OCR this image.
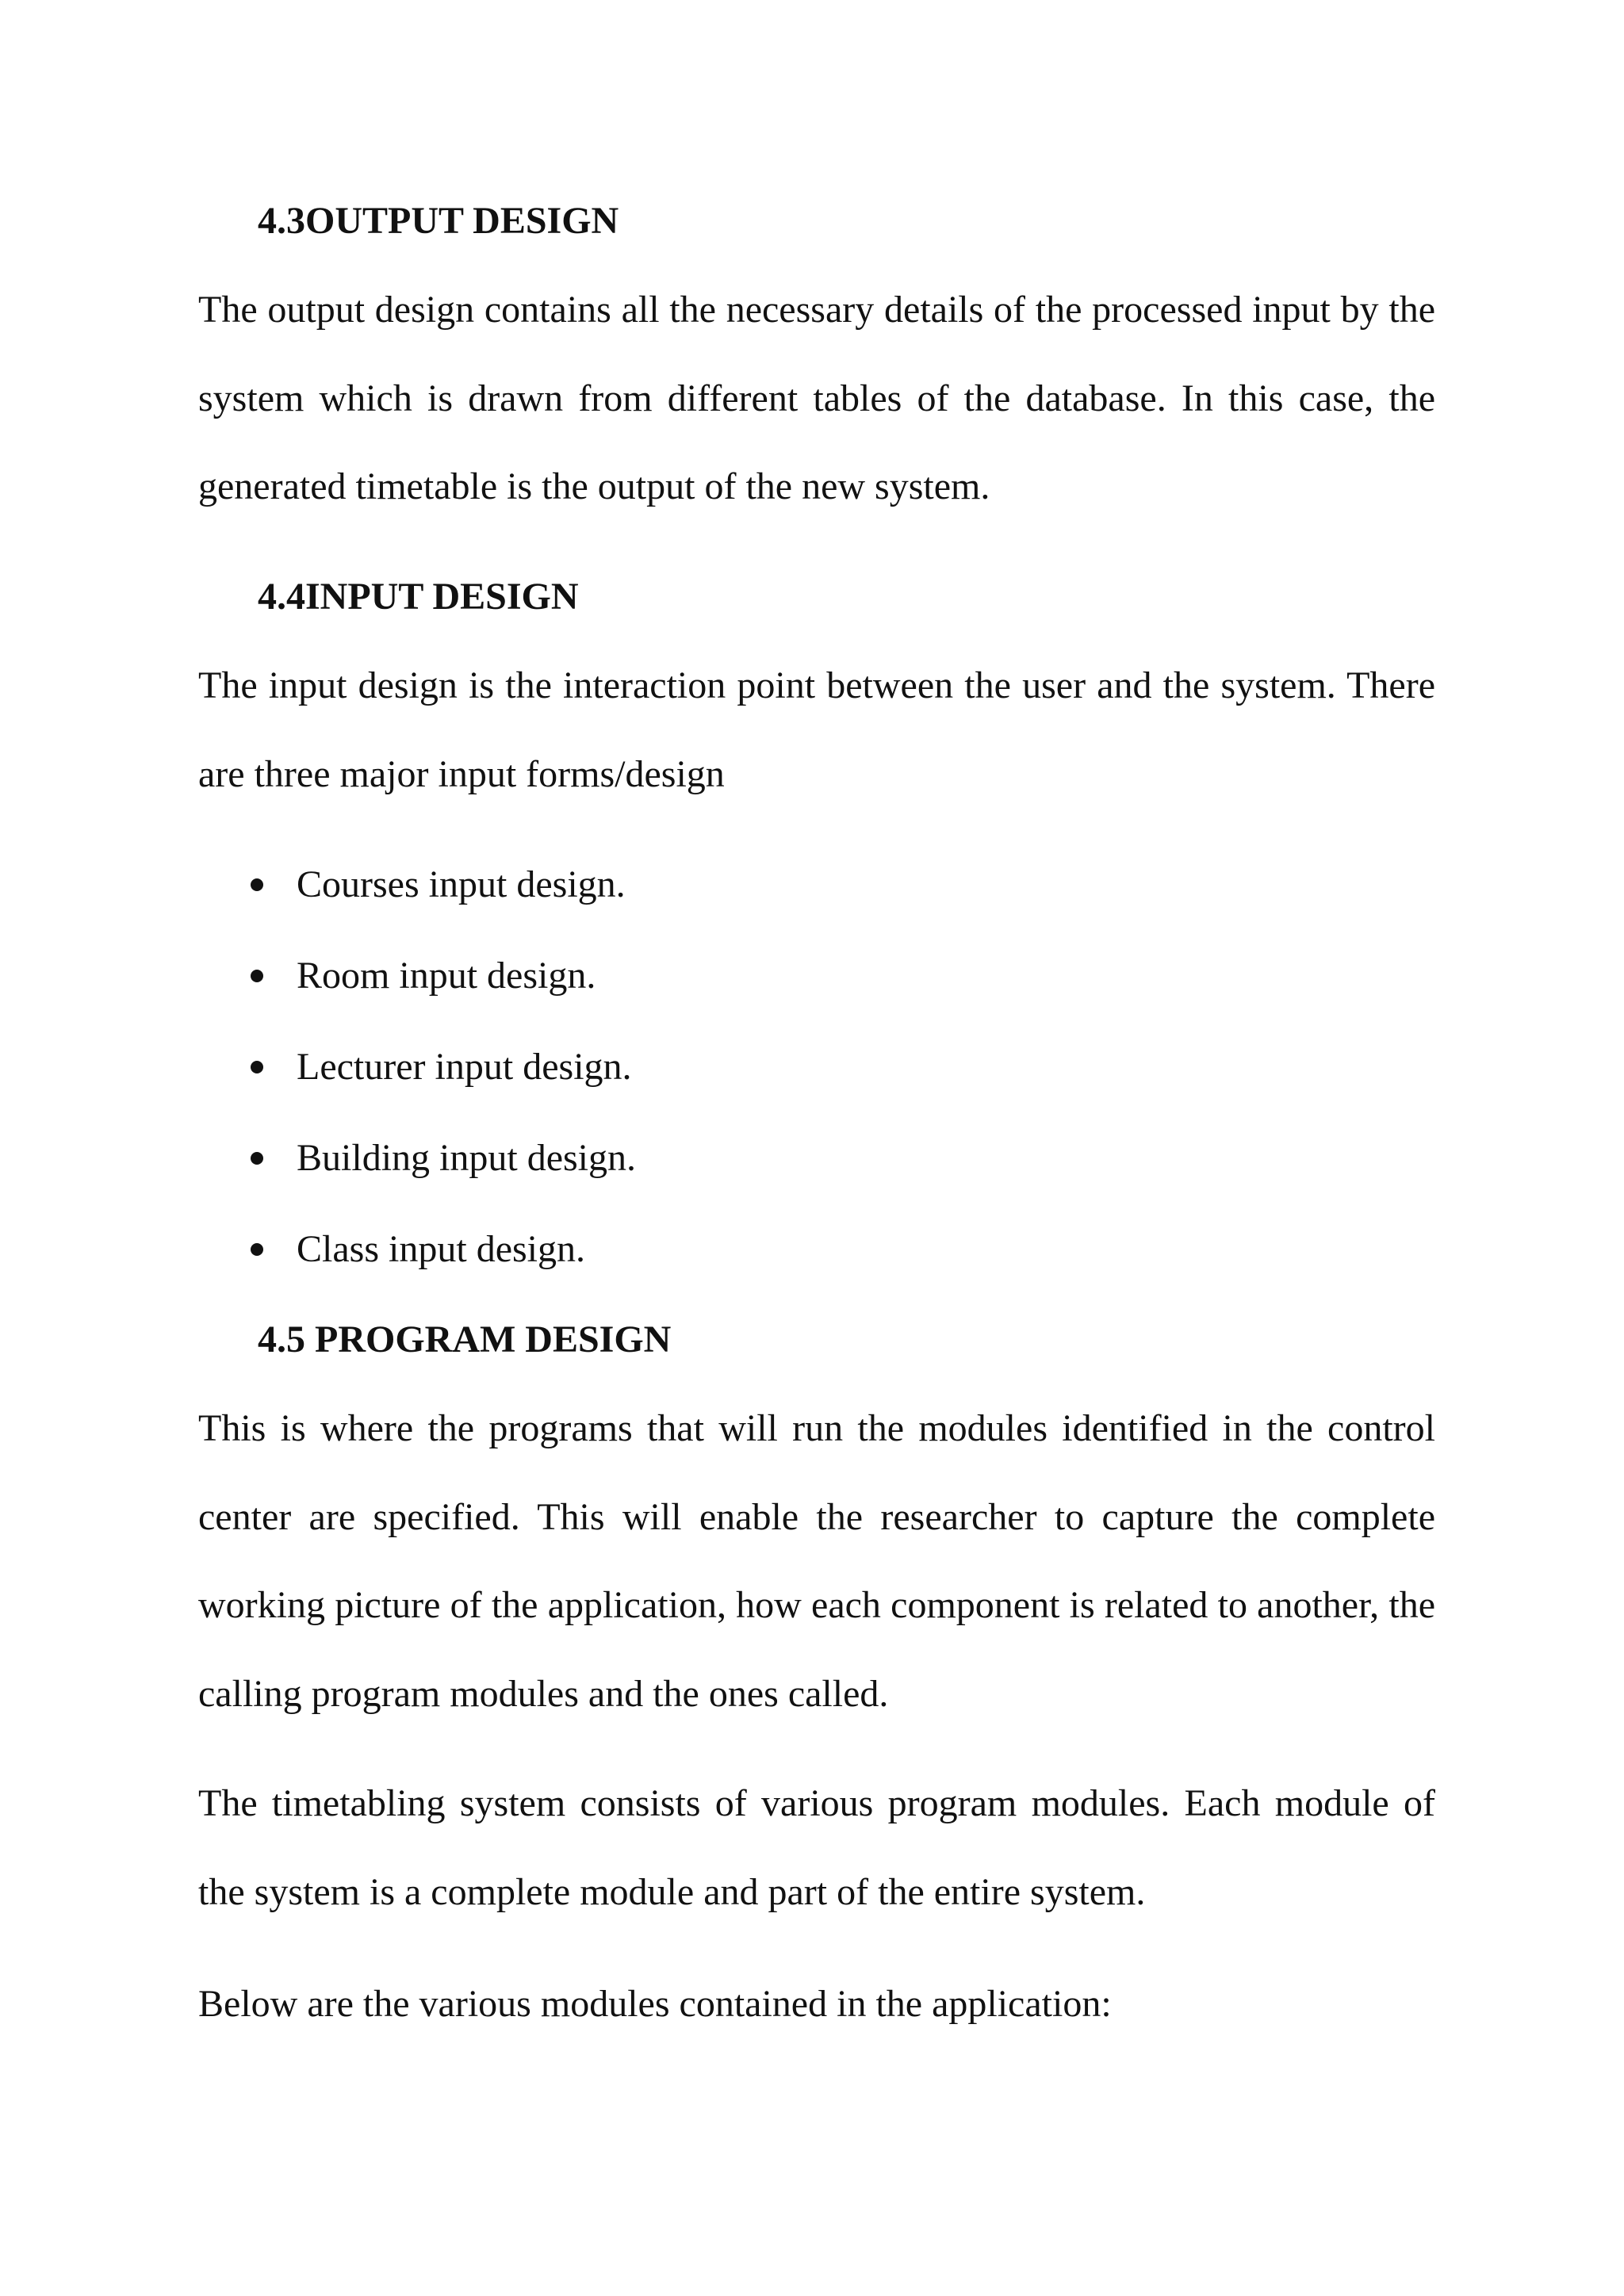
4.3OUTPUT DESIGN

The output design contains all the necessary details of the processed input by the system which is drawn from different tables of the database. In this case, the generated timetable is the output of the new system.

4.4INPUT DESIGN

The input design is the interaction point between the user and the system. There are three major input forms/design

Courses input design.
Room input design.
Lecturer input design.
Building input design.
Class input design.
4.5 PROGRAM DESIGN

This is where the programs that will run the modules identified in the control center are specified. This will enable the researcher to capture the complete working picture of the application, how each component is related to another, the calling program modules and the ones called.

The timetabling system consists of various program modules. Each module of the system is a complete module and part of the entire system.

Below are the various modules contained in the application:
